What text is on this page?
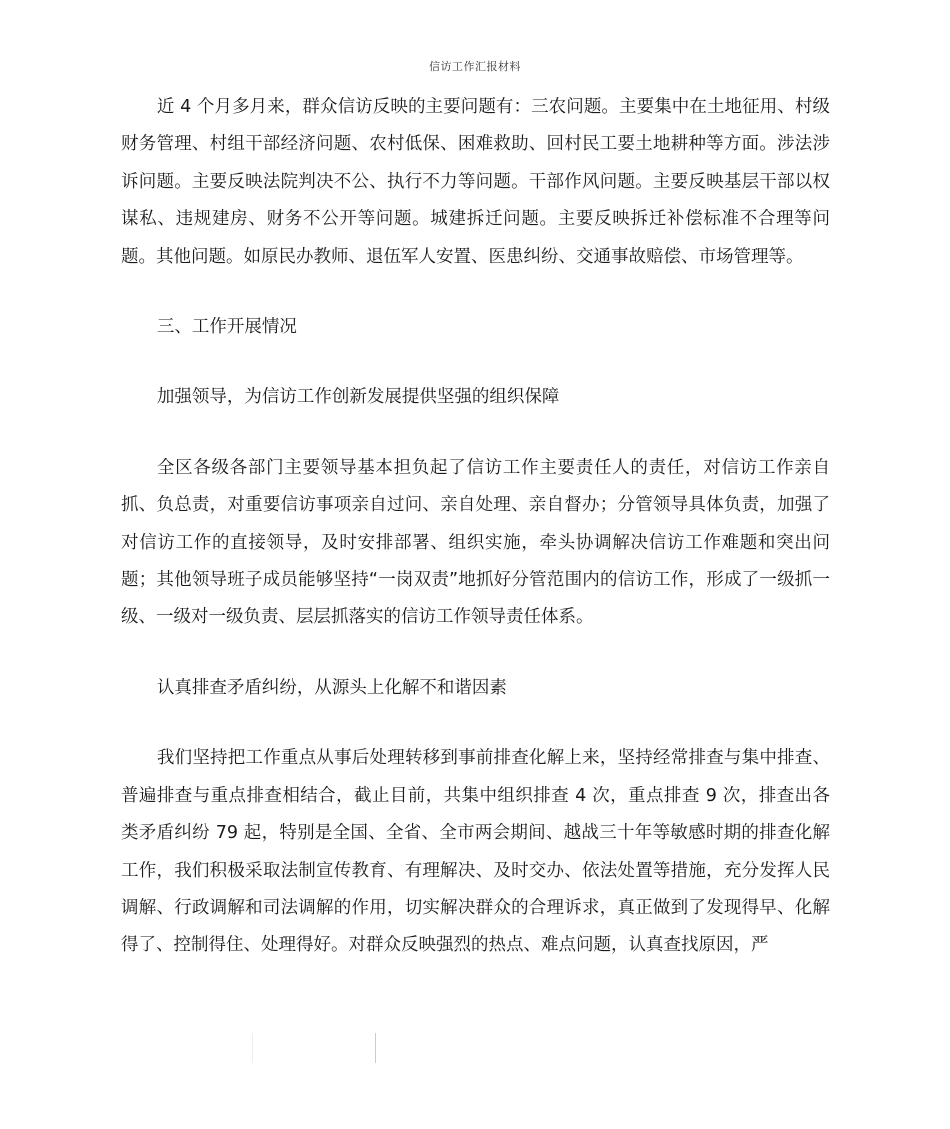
信访工作汇报材料

近 4 个月多月来，群众信访反映的主要问题有：三农问题。主要集中在土地征用、村级财务管理、村组干部经济问题、农村低保、困难救助、回村民工要土地耕种等方面。涉法涉诉问题。主要反映法院判决不公、执行不力等问题。干部作风问题。主要反映基层干部以权谋私、违规建房、财务不公开等问题。城建拆迁问题。主要反映拆迁补偿标准不合理等问题。其他问题。如原民办教师、退伍军人安置、医患纠纷、交通事故赔偿、市场管理等。

三、工作开展情况

加强领导，为信访工作创新发展提供坚强的组织保障

全区各级各部门主要领导基本担负起了信访工作主要责任人的责任，对信访工作亲自抓、负总责，对重要信访事项亲自过问、亲自处理、亲自督办；分管领导具体负责，加强了对信访工作的直接领导，及时安排部署、组织实施，牵头协调解决信访工作难题和突出问题；其他领导班子成员能够坚持“一岗双责”地抓好分管范围内的信访工作，形成了一级抓一级、一级对一级负责、层层抓落实的信访工作领导责任体系。

认真排查矛盾纠纷，从源头上化解不和谐因素

我们坚持把工作重点从事后处理转移到事前排查化解上来，坚持经常排查与集中排查、普遍排查与重点排查相结合，截止目前，共集中组织排查 4 次，重点排查 9 次，排查出各类矛盾纠纷 79 起，特别是全国、全省、全市两会期间、越战三十年等敏感时期的排查化解工作，我们积极采取法制宣传教育、有理解决、及时交办、依法处置等措施，充分发挥人民调解、行政调解和司法调解的作用，切实解决群众的合理诉求，真正做到了发现得早、化解得了、控制得住、处理得好。对群众反映强烈的热点、难点问题，认真查找原因，严
